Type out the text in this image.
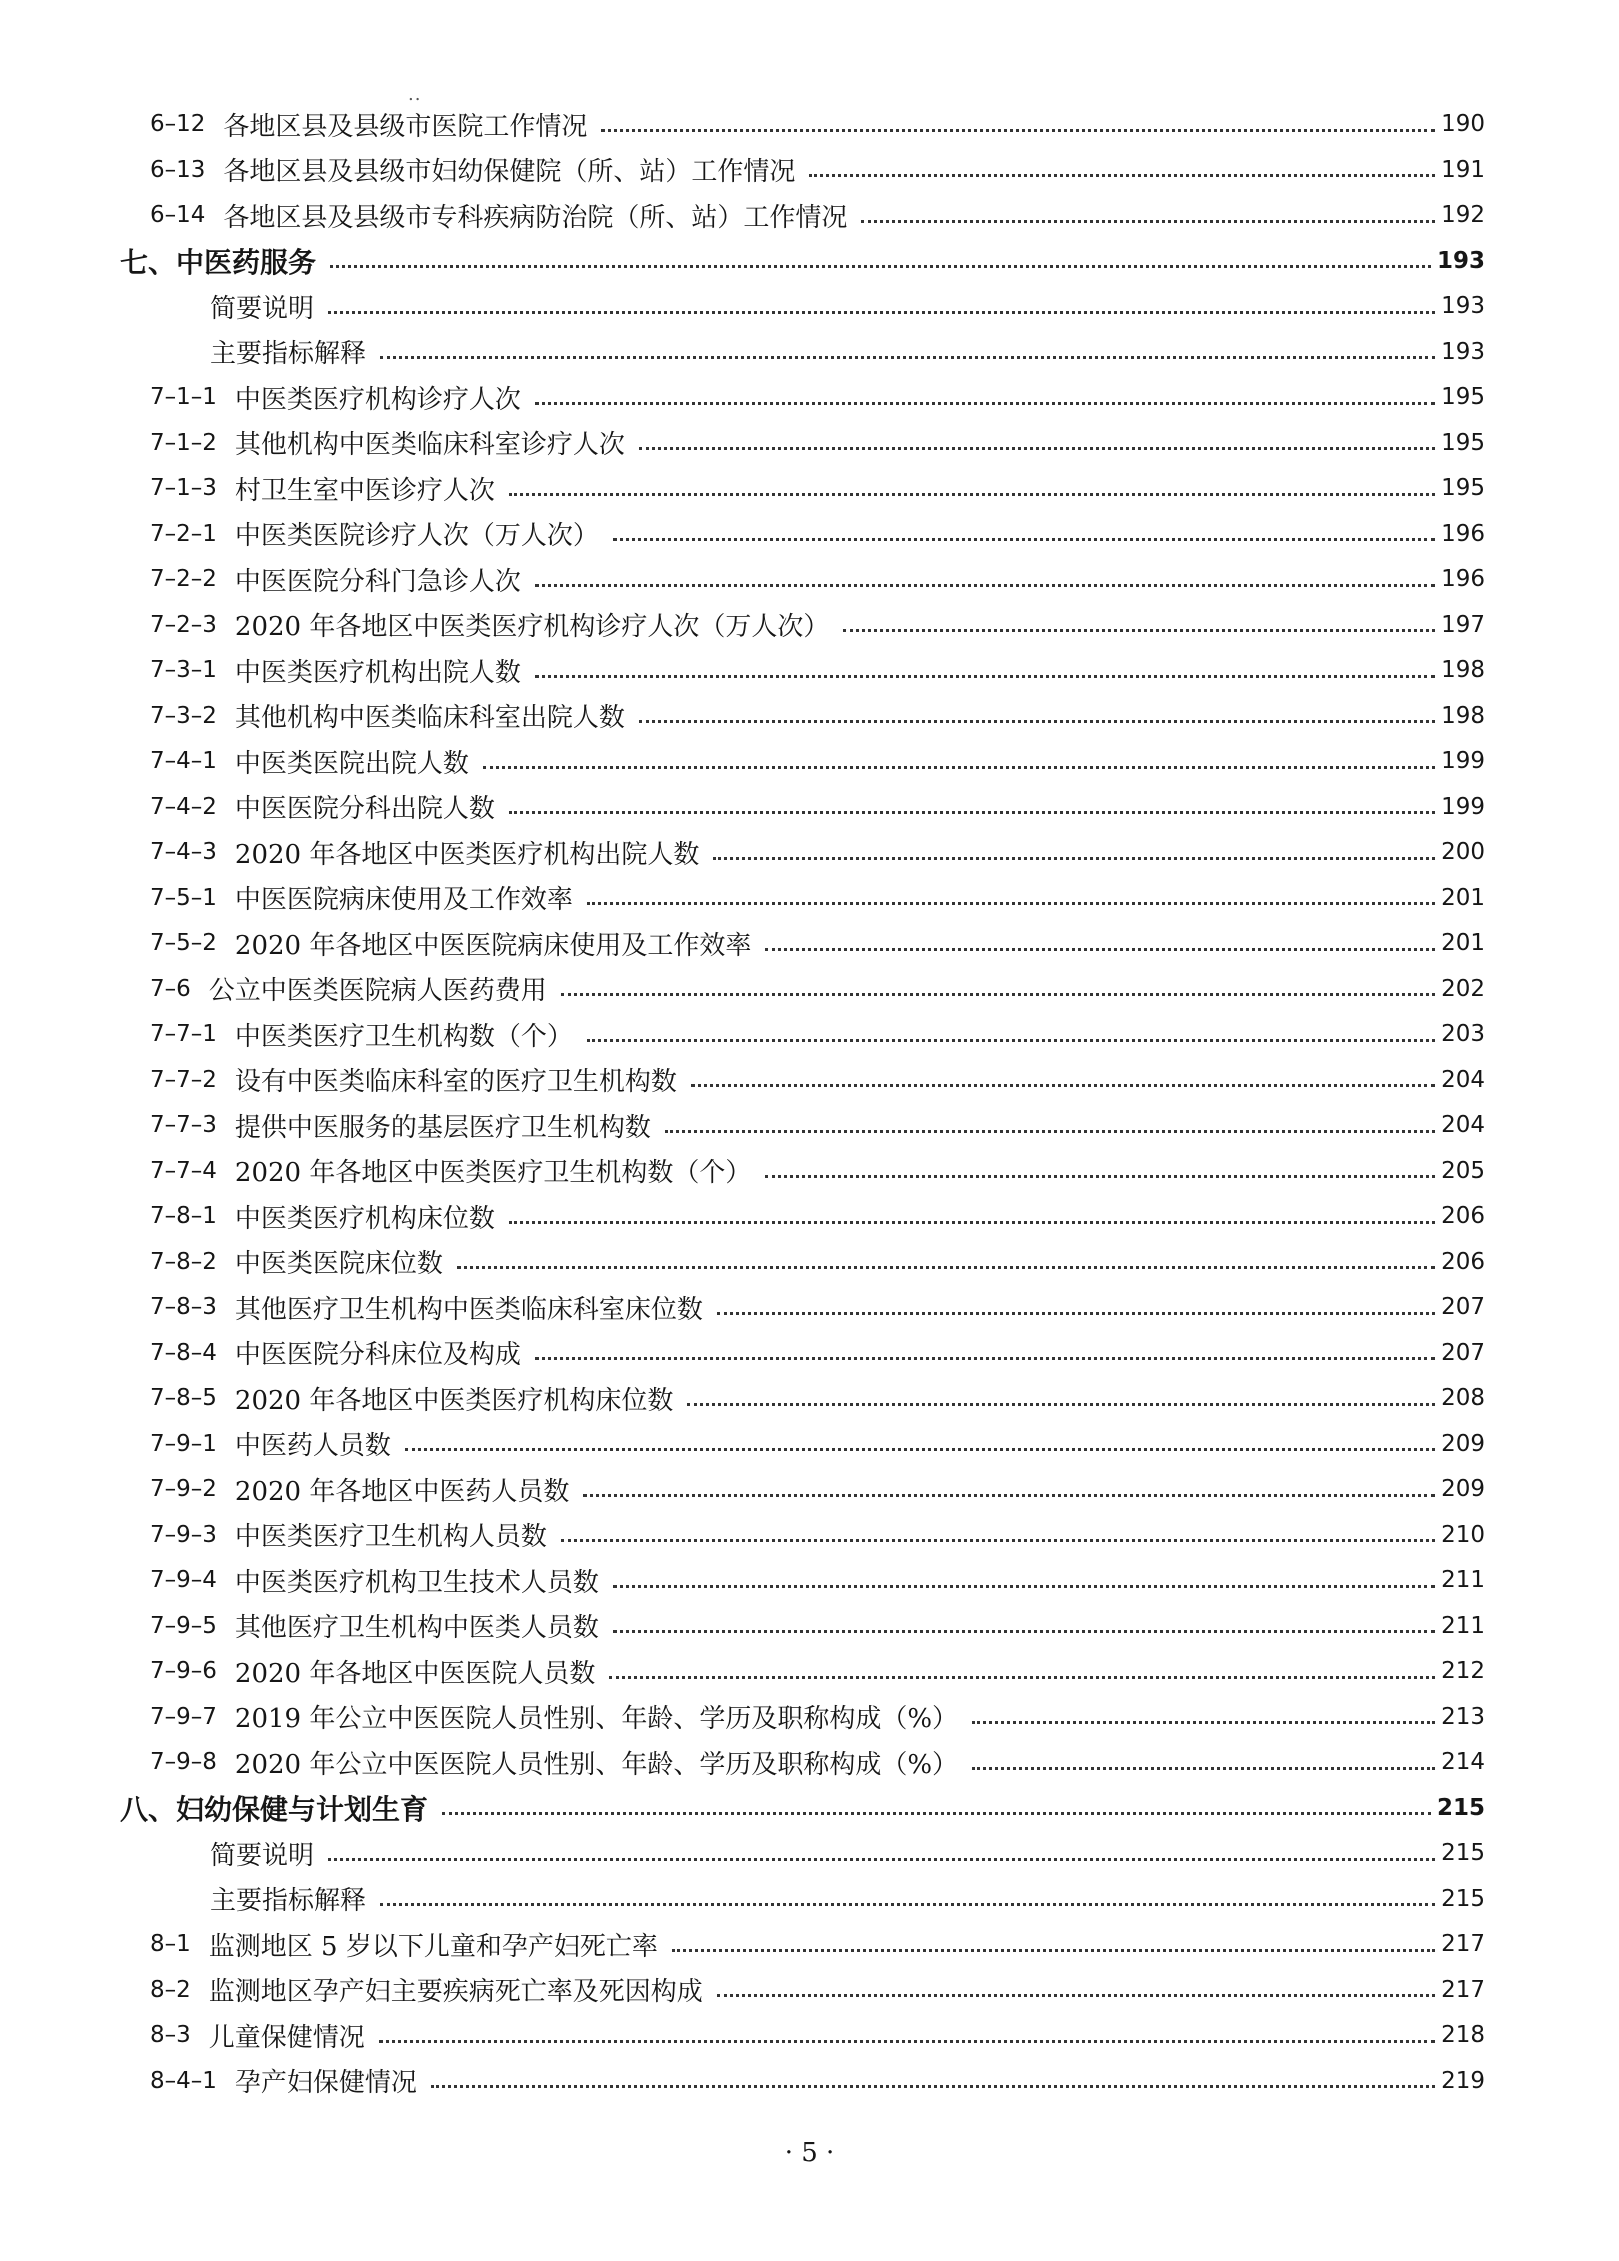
..
6–12 各地区县及县级市医院工作情况	190
6–13 各地区县及县级市妇幼保健院（所、站）工作情况	191
6–14 各地区县及县级市专科疾病防治院（所、站）工作情况	192
七、中医药服务	193
简要说明	193
主要指标解释	193
7–1–1 中医类医疗机构诊疗人次	195
7–1–2 其他机构中医类临床科室诊疗人次	195
7–1–3 村卫生室中医诊疗人次	195
7–2–1 中医类医院诊疗人次（万人次）	196
7–2–2 中医医院分科门急诊人次	196
7–2–3 2020 年各地区中医类医疗机构诊疗人次（万人次）	197
7–3–1 中医类医疗机构出院人数	198
7–3–2 其他机构中医类临床科室出院人数	198
7–4–1 中医类医院出院人数	199
7–4–2 中医医院分科出院人数	199
7–4–3 2020 年各地区中医类医疗机构出院人数	200
7–5–1 中医医院病床使用及工作效率	201
7–5–2 2020 年各地区中医医院病床使用及工作效率	201
7–6 公立中医类医院病人医药费用	202
7–7–1 中医类医疗卫生机构数（个）	203
7–7–2 设有中医类临床科室的医疗卫生机构数	204
7–7–3 提供中医服务的基层医疗卫生机构数	204
7–7–4 2020 年各地区中医类医疗卫生机构数（个）	205
7–8–1 中医类医疗机构床位数	206
7–8–2 中医类医院床位数	206
7–8–3 其他医疗卫生机构中医类临床科室床位数	207
7–8–4 中医医院分科床位及构成	207
7–8–5 2020 年各地区中医类医疗机构床位数	208
7–9–1 中医药人员数	209
7–9–2 2020 年各地区中医药人员数	209
7–9–3 中医类医疗卫生机构人员数	210
7–9–4 中医类医疗机构卫生技术人员数	211
7–9–5 其他医疗卫生机构中医类人员数	211
7–9–6 2020 年各地区中医医院人员数	212
7–9–7 2019 年公立中医医院人员性别、年龄、学历及职称构成（%）	213
7–9–8 2020 年公立中医医院人员性别、年龄、学历及职称构成（%）	214
八、妇幼保健与计划生育	215
简要说明	215
主要指标解释	215
8–1 监测地区 5 岁以下儿童和孕产妇死亡率	217
8–2 监测地区孕产妇主要疾病死亡率及死因构成	217
8–3 儿童保健情况	218
8–4–1 孕产妇保健情况	219
· 5 ·
